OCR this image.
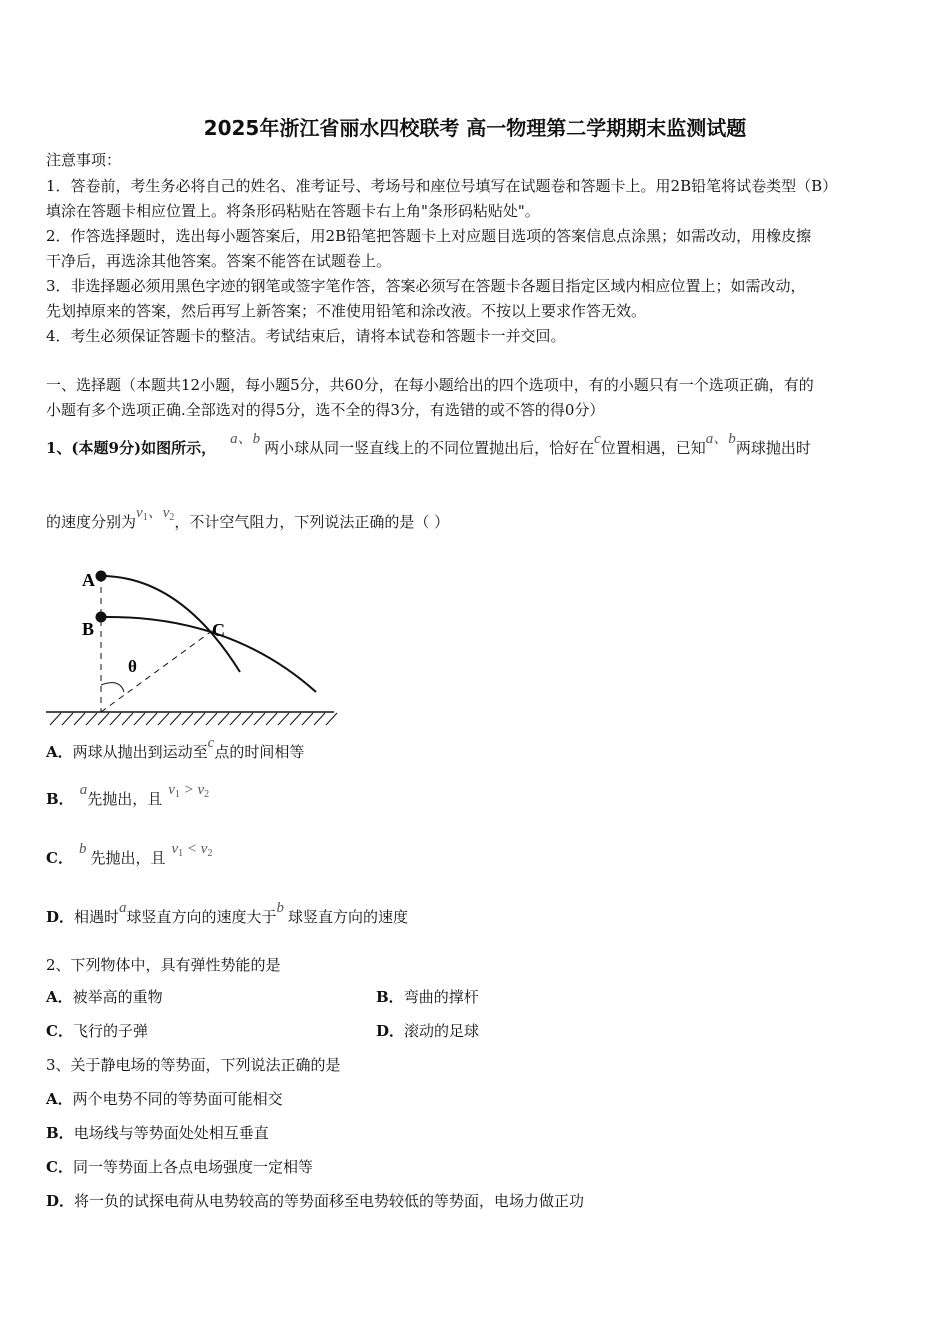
2025年浙江省丽水四校联考 高一物理第二学期期末监测试题
注意事项：
1．答卷前，考生务必将自己的姓名、准考证号、考场号和座位号填写在试题卷和答题卡上。用2B铅笔将试卷类型（B）
填涂在答题卡相应位置上。将条形码粘贴在答题卡右上角"条形码粘贴处"。
2．作答选择题时，选出每小题答案后，用2B铅笔把答题卡上对应题目选项的答案信息点涂黑；如需改动，用橡皮擦
干净后，再选涂其他答案。答案不能答在试题卷上。
3．非选择题必须用黑色字迹的钢笔或签字笔作答，答案必须写在答题卡各题目指定区域内相应位置上；如需改动，
先划掉原来的答案，然后再写上新答案；不准使用铅笔和涂改液。不按以上要求作答无效。
4．考生必须保证答题卡的整洁。考试结束后，请将本试卷和答题卡一并交回。
一、选择题（本题共12小题，每小题5分，共60分，在每小题给出的四个选项中，有的小题只有一个选项正确，有的
小题有多个选项正确.全部选对的得5分，选不全的得3分，有选错的或不答的得0分）
1、(本题9分)如图所示， a、b 两小球从同一竖直线上的不同位置抛出后，恰好在c位置相遇，已知a、b两球抛出时
的速度分别为$v_1$、$v_2$，不计空气阻力，下列说法正确的是（ ）
A
B	C
θ
A．两球从抛出到运动至c点的时间相等
B． a先抛出，且 $v_1 > v_2$
C． b 先抛出，且 $v_1 < v_2$
D．相遇时a球竖直方向的速度大于b 球竖直方向的速度
2、下列物体中，具有弹性势能的是
A．被举高的重物	B．弯曲的撑杆
C．飞行的子弹	D．滚动的足球
3、关于静电场的等势面，下列说法正确的是
A．两个电势不同的等势面可能相交
B．电场线与等势面处处相互垂直
C．同一等势面上各点电场强度一定相等
D．将一负的试探电荷从电势较高的等势面移至电势较低的等势面，电场力做正功
